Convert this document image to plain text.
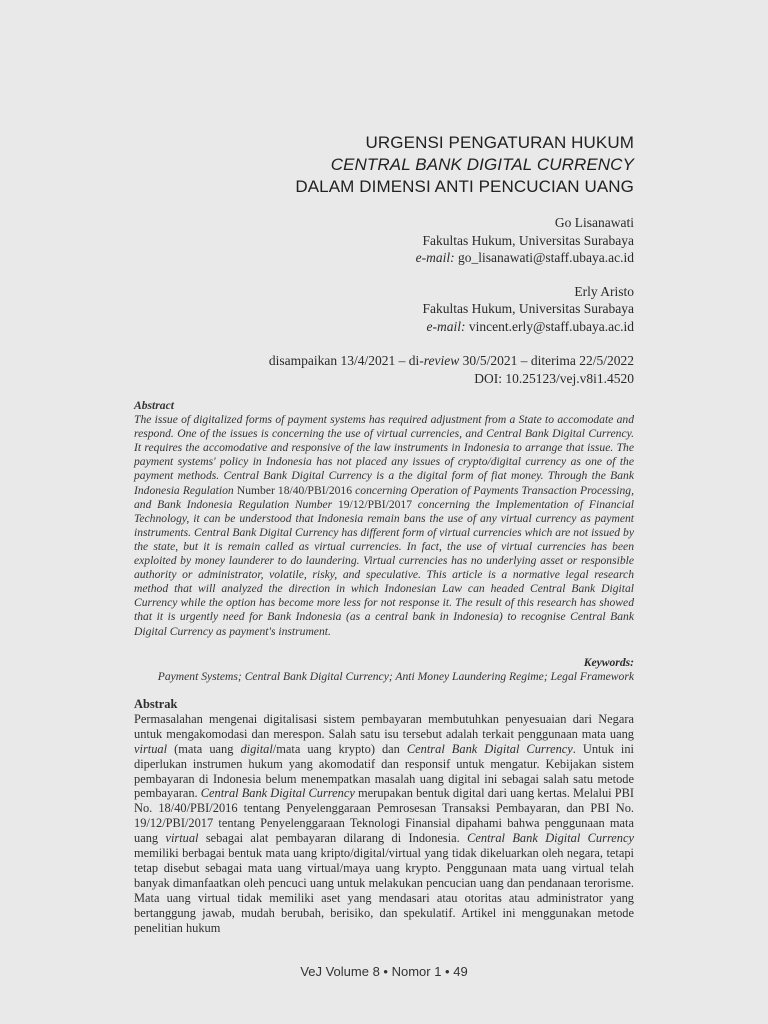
URGENSI PENGATURAN HUKUM
CENTRAL BANK DIGITAL CURRENCY
DALAM DIMENSI ANTI PENCUCIAN UANG
Go Lisanawati
Fakultas Hukum, Universitas Surabaya
e-mail: go_lisanawati@staff.ubaya.ac.id
Erly Aristo
Fakultas Hukum, Universitas Surabaya
e-mail: vincent.erly@staff.ubaya.ac.id
disampaikan 13/4/2021 – di-review 30/5/2021 – diterima 22/5/2022
DOI: 10.25123/vej.v8i1.4520
Abstract
The issue of digitalized forms of payment systems has required adjustment from a State to accomodate and respond. One of the issues is concerning the use of virtual currencies, and Central Bank Digital Currency. It requires the accomodative and responsive of the law instruments in Indonesia to arrange that issue. The payment systems' policy in Indonesia has not placed any issues of crypto/digital currency as one of the payment methods. Central Bank Digital Currency is a the digital form of fiat money. Through the Bank Indonesia Regulation Number 18/40/PBI/2016 concerning Operation of Payments Transaction Processing, and Bank Indonesia Regulation Number 19/12/PBI/2017 concerning the Implementation of Financial Technology, it can be understood that Indonesia remain bans the use of any virtual currency as payment instruments. Central Bank Digital Currency has different form of virtual currencies which are not issued by the state, but it is remain called as virtual currencies. In fact, the use of virtual currencies has been exploited by money launderer to do laundering. Virtual currencies has no underlying asset or responsible authority or administrator, volatile, risky, and speculative. This article is a normative legal research method that will analyzed the direction in which Indonesian Law can headed Central Bank Digital Currency while the option has become more less for not response it. The result of this research has showed that it is urgently need for Bank Indonesia (as a central bank in Indonesia) to recognise Central Bank Digital Currency as payment's instrument.
Keywords:
Payment Systems; Central Bank Digital Currency; Anti Money Laundering Regime; Legal Framework
Abstrak
Permasalahan mengenai digitalisasi sistem pembayaran membutuhkan penyesuaian dari Negara untuk mengakomodasi dan merespon. Salah satu isu tersebut adalah terkait penggunaan mata uang virtual (mata uang digital/mata uang krypto) dan Central Bank Digital Currency. Untuk ini diperlukan instrumen hukum yang akomodatif dan responsif untuk mengatur. Kebijakan sistem pembayaran di Indonesia belum menempatkan masalah uang digital ini sebagai salah satu metode pembayaran. Central Bank Digital Currency merupakan bentuk digital dari uang kertas. Melalui PBI No. 18/40/PBI/2016 tentang Penyelenggaraan Pemrosesan Transaksi Pembayaran, dan PBI No. 19/12/PBI/2017 tentang Penyelenggaraan Teknologi Finansial dipahami bahwa penggunaan mata uang virtual sebagai alat pembayaran dilarang di Indonesia. Central Bank Digital Currency memiliki berbagai bentuk mata uang kripto/digital/virtual yang tidak dikeluarkan oleh negara, tetapi tetap disebut sebagai mata uang virtual/maya uang krypto. Penggunaan mata uang virtual telah banyak dimanfaatkan oleh pencuci uang untuk melakukan pencucian uang dan pendanaan terorisme. Mata uang virtual tidak memiliki aset yang mendasari atau otoritas atau administrator yang bertanggung jawab, mudah berubah, berisiko, dan spekulatif. Artikel ini menggunakan metode penelitian hukum
VeJ Volume 8 • Nomor 1 • 49
